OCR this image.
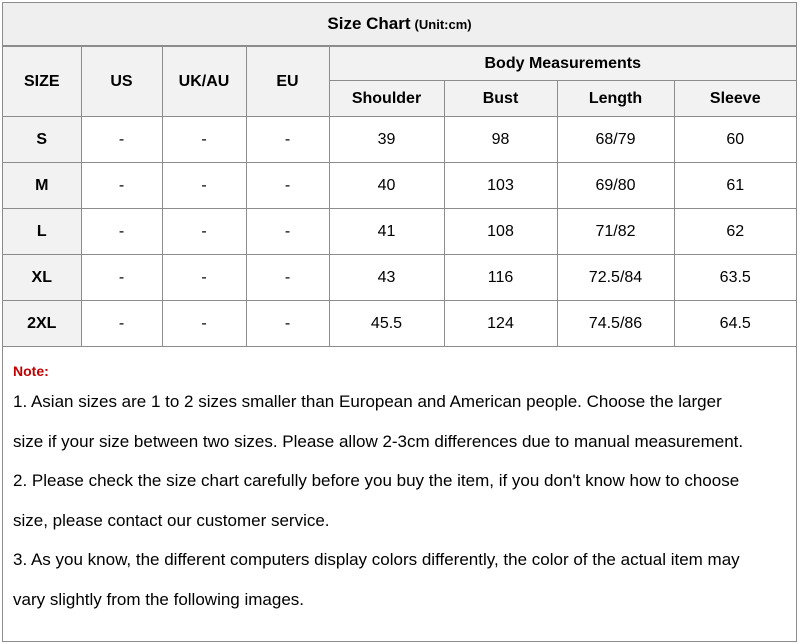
Size Chart (Unit:cm)
SIZE	US	UK/AU	EU	Body Measurements			
				Shoulder	Bust	Length	Sleeve
S	-	-	-	39	98	68/79	60
M	-	-	-	40	103	69/80	61
L	-	-	-	41	108	71/82	62
XL	-	-	-	43	116	72.5/84	63.5
2XL	-	-	-	45.5	124	74.5/86	64.5
Note:
1. Asian sizes are 1 to 2 sizes smaller than European and American people. Choose the larger
size if your size between two sizes. Please allow 2-3cm differences due to manual measurement.
2. Please check the size chart carefully before you buy the item, if you don't know how to choose
size, please contact our customer service.
3. As you know, the different computers display colors differently, the color of the actual item may
vary slightly from the following images.
